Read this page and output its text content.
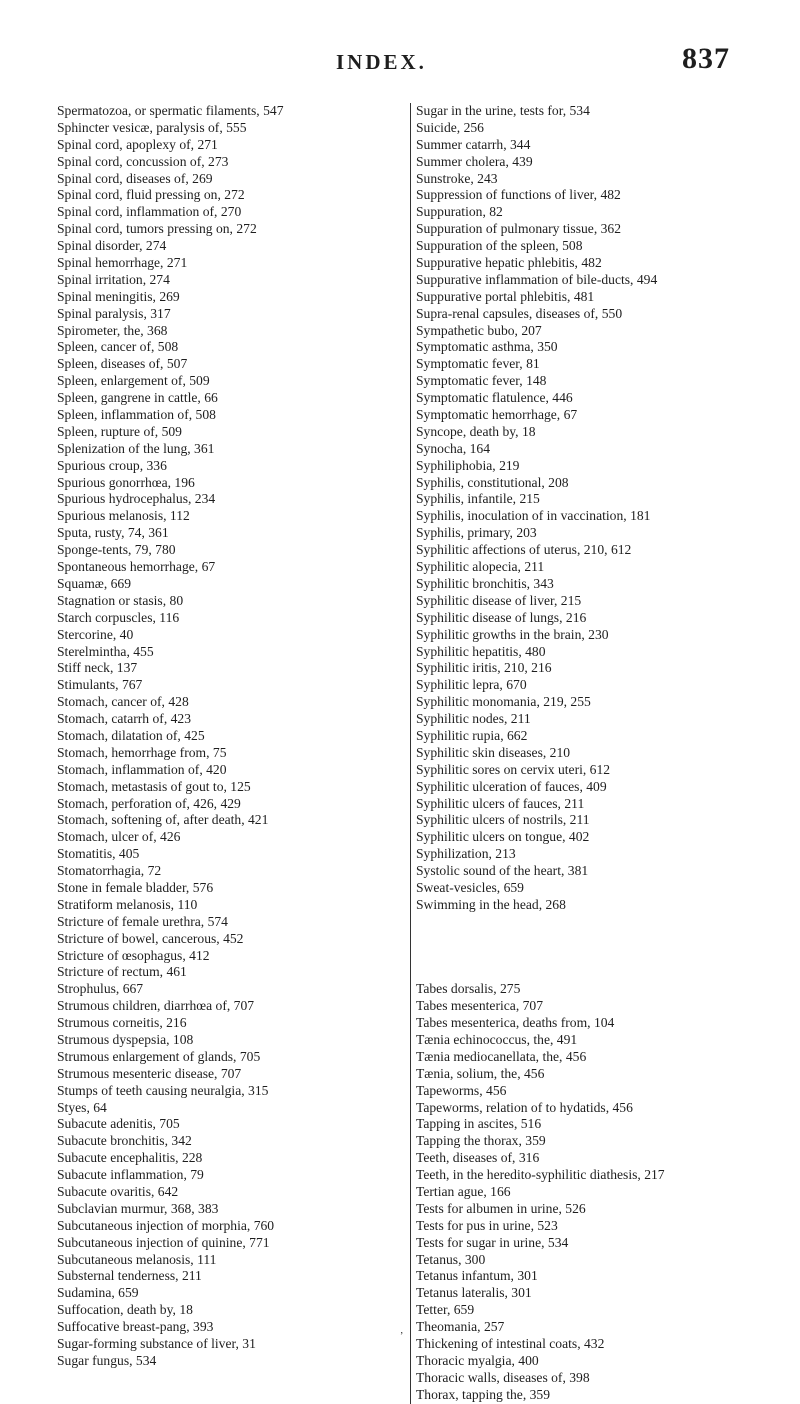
INDEX.	837
Spermatozoa, or spermatic filaments, 547
Sphincter vesicæ, paralysis of, 555
Spinal cord, apoplexy of, 271
Spinal cord, concussion of, 273
Spinal cord, diseases of, 269
Spinal cord, fluid pressing on, 272
Spinal cord, inflammation of, 270
Spinal cord, tumors pressing on, 272
Spinal disorder, 274
Spinal hemorrhage, 271
Spinal irritation, 274
Spinal meningitis, 269
Spinal paralysis, 317
Spirometer, the, 368
Spleen, cancer of, 508
Spleen, diseases of, 507
Spleen, enlargement of, 509
Spleen, gangrene in cattle, 66
Spleen, inflammation of, 508
Spleen, rupture of, 509
Splenization of the lung, 361
Spurious croup, 336
Spurious gonorrhœa, 196
Spurious hydrocephalus, 234
Spurious melanosis, 112
Sputa, rusty, 74, 361
Sponge-tents, 79, 780
Spontaneous hemorrhage, 67
Squamæ, 669
Stagnation or stasis, 80
Starch corpuscles, 116
Stercorine, 40
Sterelmintha, 455
Stiff neck, 137
Stimulants, 767
Stomach, cancer of, 428
Stomach, catarrh of, 423
Stomach, dilatation of, 425
Stomach, hemorrhage from, 75
Stomach, inflammation of, 420
Stomach, metastasis of gout to, 125
Stomach, perforation of, 426, 429
Stomach, softening of, after death, 421
Stomach, ulcer of, 426
Stomatitis, 405
Stomatorrhagia, 72
Stone in female bladder, 576
Stratiform melanosis, 110
Stricture of female urethra, 574
Stricture of bowel, cancerous, 452
Stricture of œsophagus, 412
Stricture of rectum, 461
Strophulus, 667
Strumous children, diarrhœa of, 707
Strumous corneitis, 216
Strumous dyspepsia, 108
Strumous enlargement of glands, 705
Strumous mesenteric disease, 707
Stumps of teeth causing neuralgia, 315
Styes, 64
Subacute adenitis, 705
Subacute bronchitis, 342
Subacute encephalitis, 228
Subacute inflammation, 79
Subacute ovaritis, 642
Subclavian murmur, 368, 383
Subcutaneous injection of morphia, 760
Subcutaneous injection of quinine, 771
Subcutaneous melanosis, 111
Substernal tenderness, 211
Sudamina, 659
Suffocation, death by, 18
Suffocative breast-pang, 393
Sugar-forming substance of liver, 31
Sugar fungus, 534
Sugar in the urine, tests for, 534
Suicide, 256
Summer catarrh, 344
Summer cholera, 439
Sunstroke, 243
Suppression of functions of liver, 482
Suppuration, 82
Suppuration of pulmonary tissue, 362
Suppuration of the spleen, 508
Suppurative hepatic phlebitis, 482
Suppurative inflammation of bile-ducts, 494
Suppurative portal phlebitis, 481
Supra-renal capsules, diseases of, 550
Sympathetic bubo, 207
Symptomatic asthma, 350
Symptomatic fever, 81
Symptomatic fever, 148
Symptomatic flatulence, 446
Symptomatic hemorrhage, 67
Syncope, death by, 18
Synocha, 164
Syphiliphobia, 219
Syphilis, constitutional, 208
Syphilis, infantile, 215
Syphilis, inoculation of in vaccination, 181
Syphilis, primary, 203
Syphilitic affections of uterus, 210, 612
Syphilitic alopecia, 211
Syphilitic bronchitis, 343
Syphilitic disease of liver, 215
Syphilitic disease of lungs, 216
Syphilitic growths in the brain, 230
Syphilitic hepatitis, 480
Syphilitic iritis, 210, 216
Syphilitic lepra, 670
Syphilitic monomania, 219, 255
Syphilitic nodes, 211
Syphilitic rupia, 662
Syphilitic skin diseases, 210
Syphilitic sores on cervix uteri, 612
Syphilitic ulceration of fauces, 409
Syphilitic ulcers of fauces, 211
Syphilitic ulcers of nostrils, 211
Syphilitic ulcers on tongue, 402
Syphilization, 213
Systolic sound of the heart, 381
Sweat-vesicles, 659
Swimming in the head, 268
Tabes dorsalis, 275
Tabes mesenterica, 707
Tabes mesenterica, deaths from, 104
Tænia echinococcus, the, 491
Tænia mediocanellata, the, 456
Tænia, solium, the, 456
Tapeworms, 456
Tapeworms, relation of to hydatids, 456
Tapping in ascites, 516
Tapping the thorax, 359
Teeth, diseases of, 316
Teeth, in the heredito-syphilitic diathesis, 217
Tertian ague, 166
Tests for albumen in urine, 526
Tests for pus in urine, 523
Tests for sugar in urine, 534
Tetanus, 300
Tetanus infantum, 301
Tetanus lateralis, 301
Tetter, 659
Theomania, 257
Thickening of intestinal coats, 432
Thoracic myalgia, 400
Thoracic walls, diseases of, 398
Thorax, tapping the, 359
‚
